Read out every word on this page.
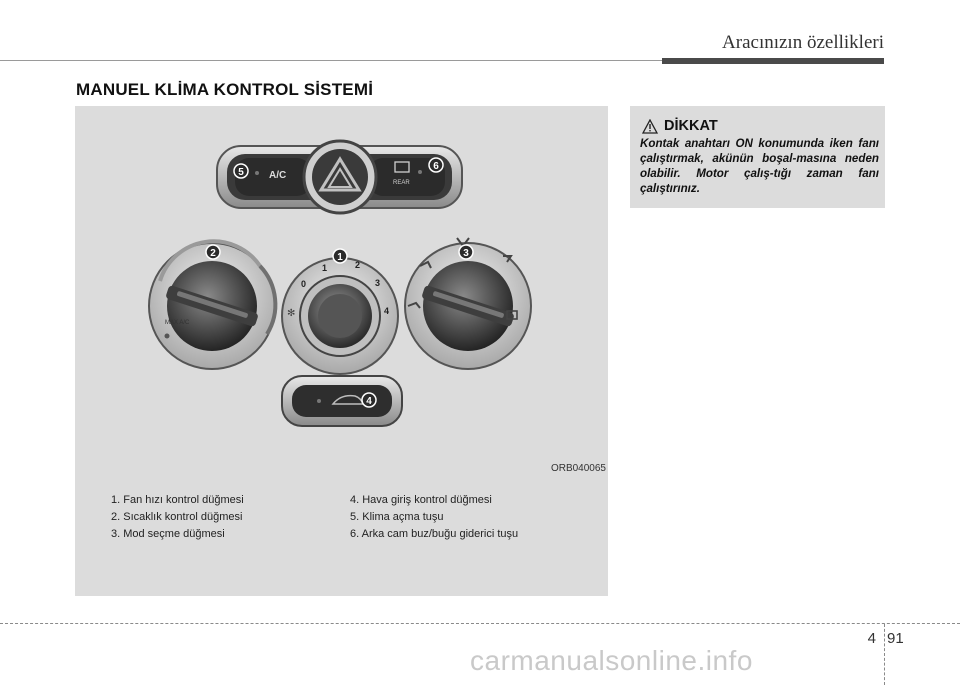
Aracınızın özellikleri
MANUEL KLİMA KONTROL SİSTEMİ
A/C
REAR
MAX A/C
0
1	2
3
4
✻
1
2	3
4
5
6
ORB040065
1. Fan hızı kontrol düğmesi
2. Sıcaklık kontrol düğmesi
3. Mod seçme düğmesi
4. Hava giriş kontrol düğmesi
5. Klima açma tuşu
6. Arka cam buz/buğu giderici tuşu
DİKKAT
Kontak anahtarı ON konumunda iken fanı çalıştırmak, akünün boşal-masına neden olabilir. Motor çalış-tığı zaman fanı çalıştırınız.
4 91
carmanualsonline.info
